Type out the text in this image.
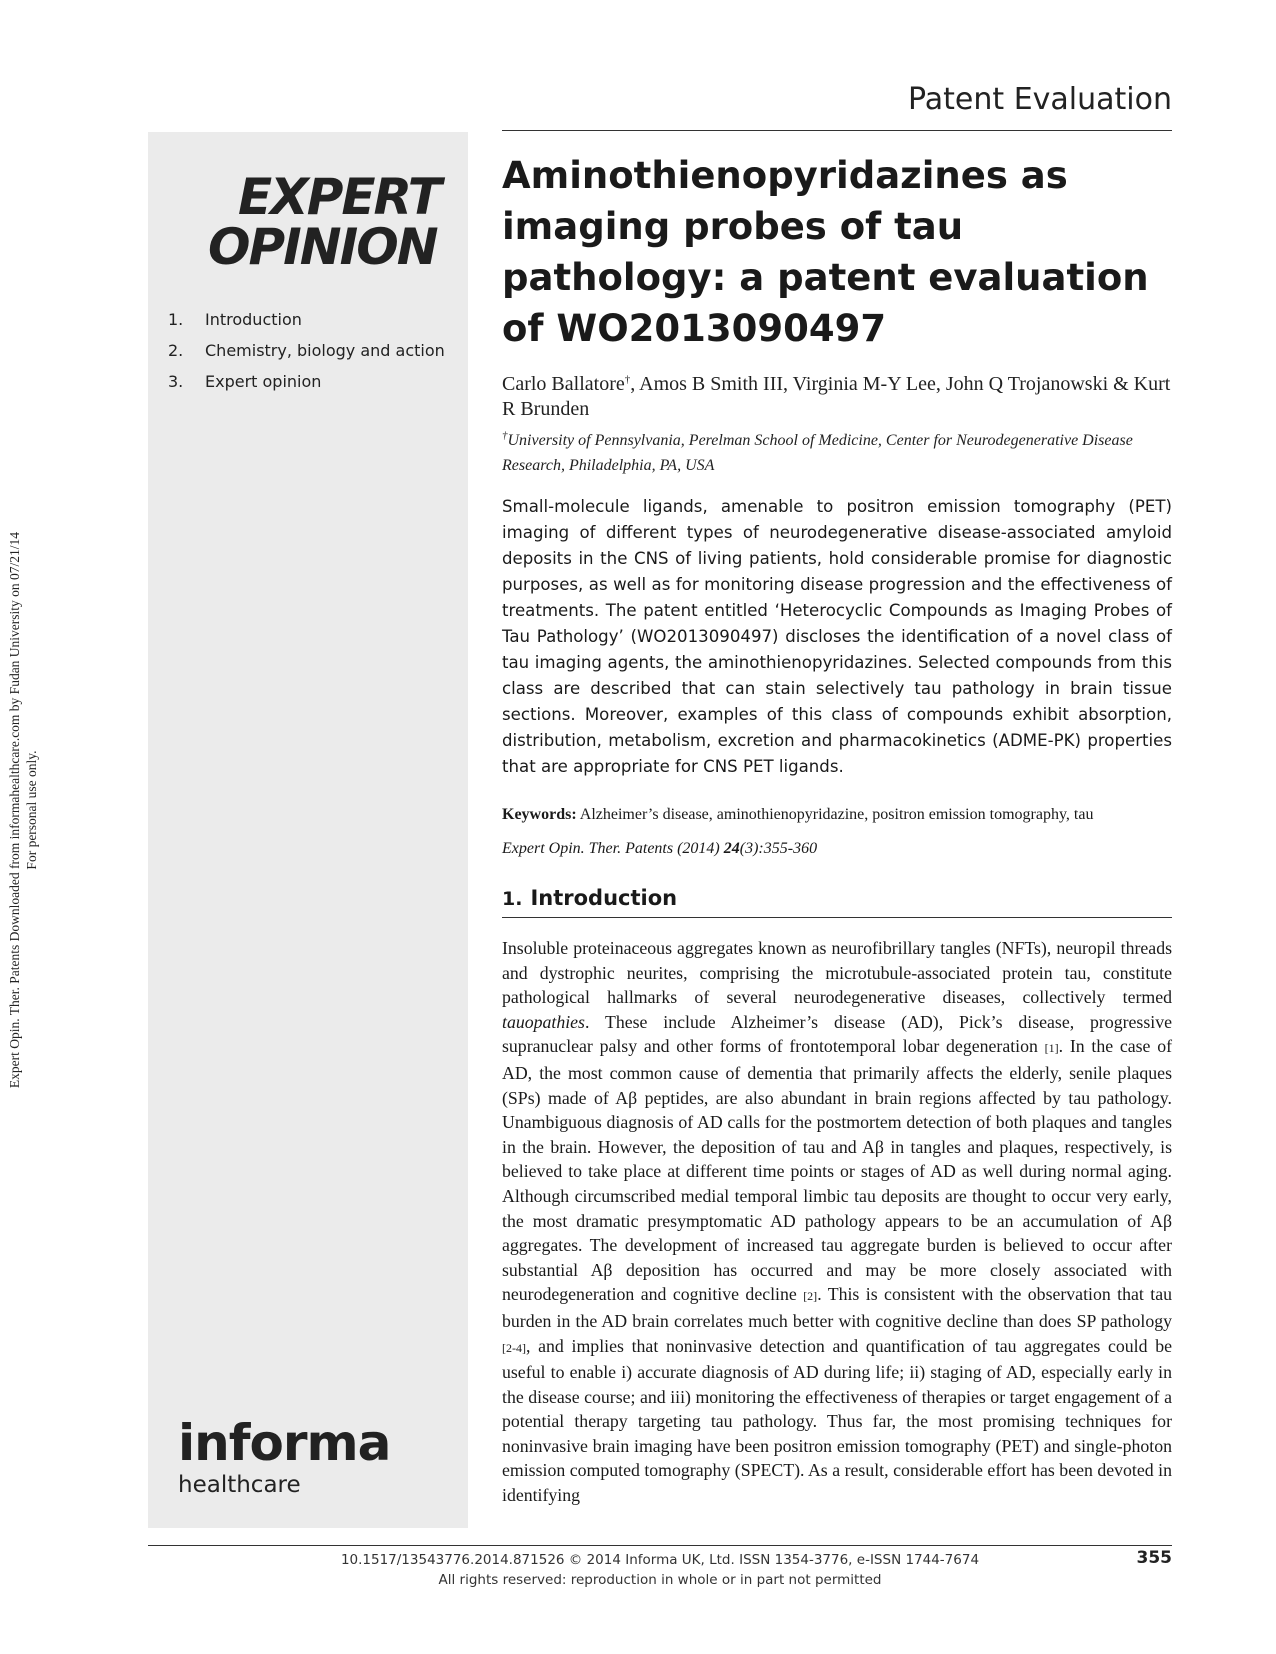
Expert Opin. Ther. Patents Downloaded from informahealthcare.com by Fudan University on 07/21/14 For personal use only.
EXPERT
OPINION
1. Introduction
2. Chemistry, biology and action
3. Expert opinion
informa
healthcare
Patent Evaluation
Aminothienopyridazines as imaging probes of tau pathology: a patent evaluation of WO2013090497
Carlo Ballatore†, Amos B Smith III, Virginia M-Y Lee, John Q Trojanowski & Kurt R Brunden
†University of Pennsylvania, Perelman School of Medicine, Center for Neurodegenerative Disease Research, Philadelphia, PA, USA
Small-molecule ligands, amenable to positron emission tomography (PET) imaging of different types of neurodegenerative disease-associated amyloid deposits in the CNS of living patients, hold considerable promise for diagnostic purposes, as well as for monitoring disease progression and the effectiveness of treatments. The patent entitled ‘Heterocyclic Compounds as Imaging Probes of Tau Pathology’ (WO2013090497) discloses the identification of a novel class of tau imaging agents, the aminothienopyridazines. Selected compounds from this class are described that can stain selectively tau pathology in brain tissue sections. Moreover, examples of this class of compounds exhibit absorption, distribution, metabolism, excretion and pharmacokinetics (ADME-PK) properties that are appropriate for CNS PET ligands.
Keywords: Alzheimer’s disease, aminothienopyridazine, positron emission tomography, tau
Expert Opin. Ther. Patents (2014) 24(3):355-360
1. Introduction
Insoluble proteinaceous aggregates known as neurofibrillary tangles (NFTs), neuropil threads and dystrophic neurites, comprising the microtubule-associated protein tau, constitute pathological hallmarks of several neurodegenerative diseases, collectively termed tauopathies. These include Alzheimer’s disease (AD), Pick’s disease, progressive supranuclear palsy and other forms of frontotemporal lobar degeneration [1]. In the case of AD, the most common cause of dementia that primarily affects the elderly, senile plaques (SPs) made of Aβ peptides, are also abundant in brain regions affected by tau pathology. Unambiguous diagnosis of AD calls for the postmortem detection of both plaques and tangles in the brain. However, the deposition of tau and Aβ in tangles and plaques, respectively, is believed to take place at different time points or stages of AD as well during normal aging. Although circumscribed medial temporal limbic tau deposits are thought to occur very early, the most dramatic presymptomatic AD pathology appears to be an accumulation of Aβ aggregates. The development of increased tau aggregate burden is believed to occur after substantial Aβ deposition has occurred and may be more closely associated with neurodegeneration and cognitive decline [2]. This is consistent with the observation that tau burden in the AD brain correlates much better with cognitive decline than does SP pathology [2-4], and implies that noninvasive detection and quantification of tau aggregates could be useful to enable i) accurate diagnosis of AD during life; ii) staging of AD, especially early in the disease course; and iii) monitoring the effectiveness of therapies or target engagement of a potential therapy targeting tau pathology. Thus far, the most promising techniques for noninvasive brain imaging have been positron emission tomography (PET) and single-photon emission computed tomography (SPECT). As a result, considerable effort has been devoted in identifying
10.1517/13543776.2014.871526 © 2014 Informa UK, Ltd. ISSN 1354-3776, e-ISSN 1744-7674
All rights reserved: reproduction in whole or in part not permitted
355
